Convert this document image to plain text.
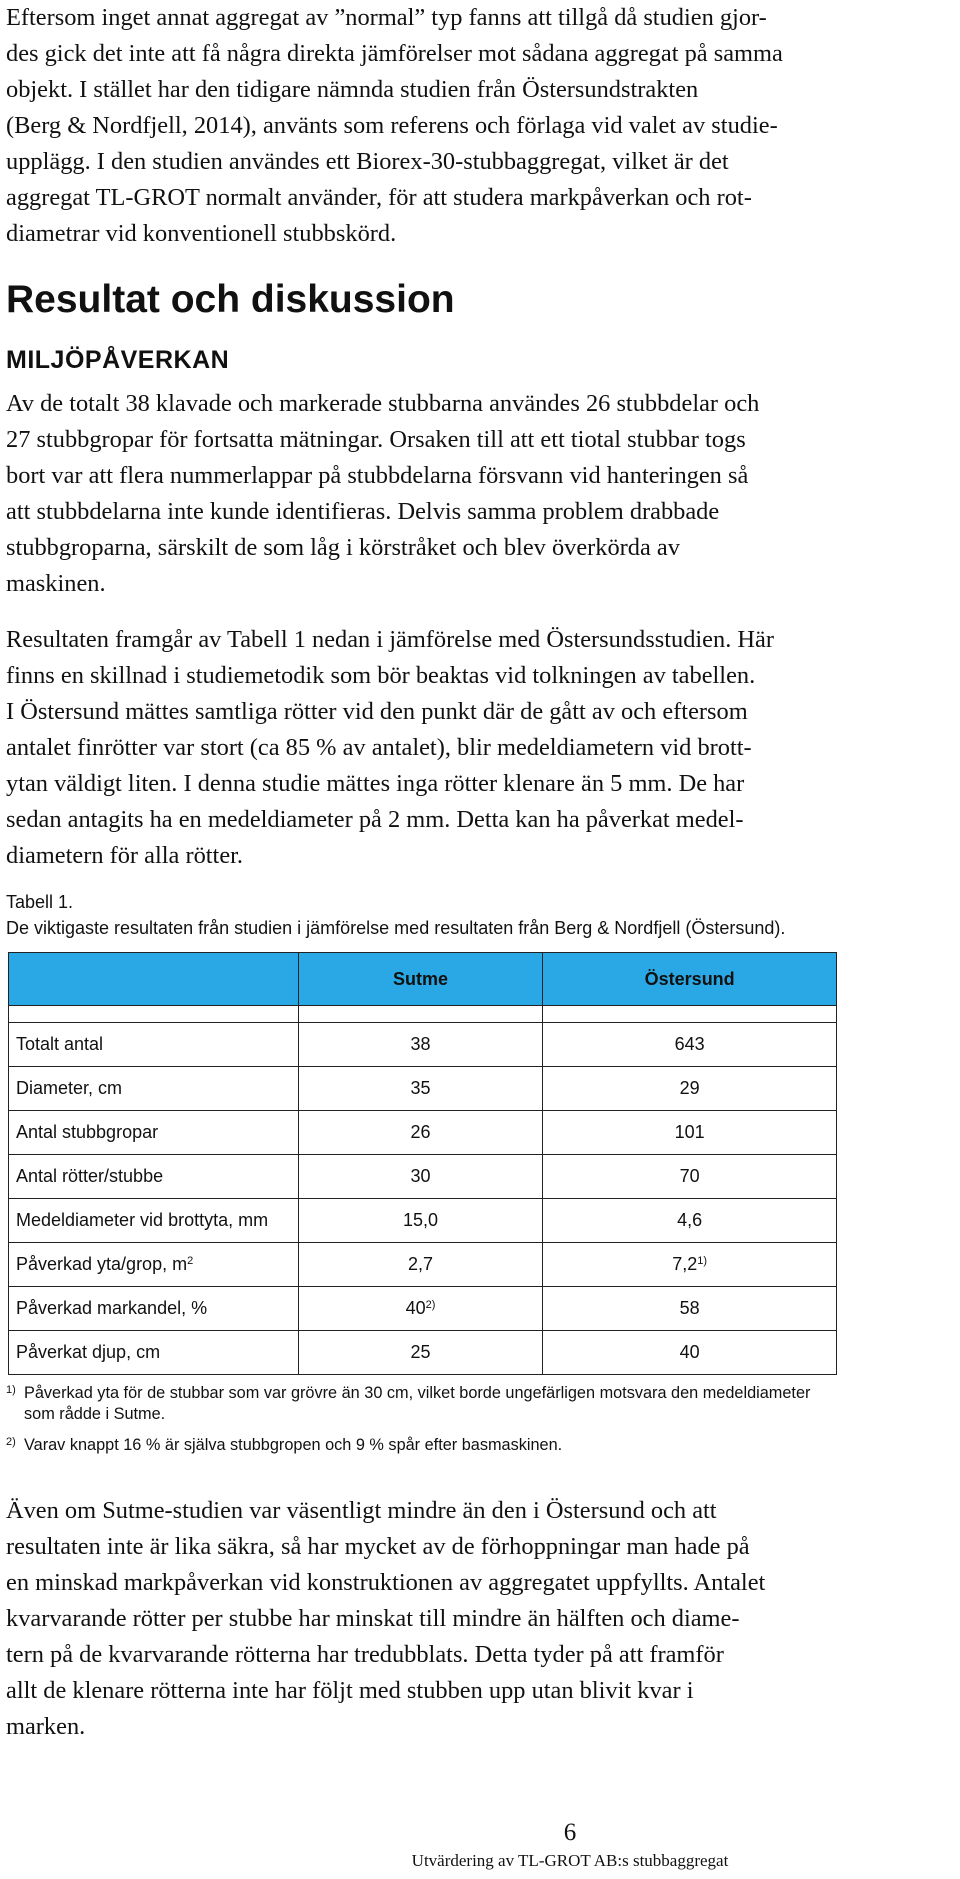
Eftersom inget annat aggregat av ”normal” typ fanns att tillgå då studien gjor-
des gick det inte att få några direkta jämförelser mot sådana aggregat på samma
objekt. I stället har den tidigare nämnda studien från Östersundstrakten
(Berg & Nordfjell, 2014), använts som referens och förlaga vid valet av studie-
upplägg. I den studien användes ett Biorex-30-stubbaggregat, vilket är det
aggregat TL-GROT normalt använder, för att studera markpåverkan och rot-
diametrar vid konventionell stubbskörd.

Resultat och diskussion
MILJÖPÅVERKAN

Av de totalt 38 klavade och markerade stubbarna användes 26 stubbdelar och
27 stubbgropar för fortsatta mätningar. Orsaken till att ett tiotal stubbar togs
bort var att flera nummerlappar på stubbdelarna försvann vid hanteringen så
att stubbdelarna inte kunde identifieras. Delvis samma problem drabbade
stubbgroparna, särskilt de som låg i körstråket och blev överkörda av
maskinen.

Resultaten framgår av Tabell 1 nedan i jämförelse med Östersundsstudien. Här
finns en skillnad i studiemetodik som bör beaktas vid tolkningen av tabellen.
I Östersund mättes samtliga rötter vid den punkt där de gått av och eftersom
antalet finrötter var stort (ca 85 % av antalet), blir medeldiametern vid brott-
ytan väldigt liten. I denna studie mättes inga rötter klenare än 5 mm. De har
sedan antagits ha en medeldiameter på 2 mm. Detta kan ha påverkat medel-
diametern för alla rötter.

Tabell 1.
De viktigaste resultaten från studien i jämförelse med resultaten från Berg & Nordfjell (Östersund).
	Sutme	Östersund

Totalt antal	38	643
Diameter, cm	35	29
Antal stubbgropar	26	101
Antal rötter/stubbe	30	70
Medeldiameter vid brottyta, mm	15,0	4,6
Påverkad yta/grop, $m^2$	2,7	7,2$^{1)}$
Påverkad markandel, %	40$^{2)}$	58
Påverkat djup, cm	25	40
1) Påverkad yta för de stubbar som var grövre än 30 cm, vilket borde ungefärligen motsvara den medeldiameter
som rådde i Sutme.
2) Varav knappt 16 % är själva stubbgropen och 9 % spår efter basmaskinen.

Även om Sutme-studien var väsentligt mindre än den i Östersund och att
resultaten inte är lika säkra, så har mycket av de förhoppningar man hade på
en minskad markpåverkan vid konstruktionen av aggregatet uppfyllts. Antalet
kvarvarande rötter per stubbe har minskat till mindre än hälften och diame-
tern på de kvarvarande rötterna har tredubblats. Detta tyder på att framför
allt de klenare rötterna inte har följt med stubben upp utan blivit kvar i
marken.

6
Utvärdering av TL-GROT AB:s stubbaggregat
